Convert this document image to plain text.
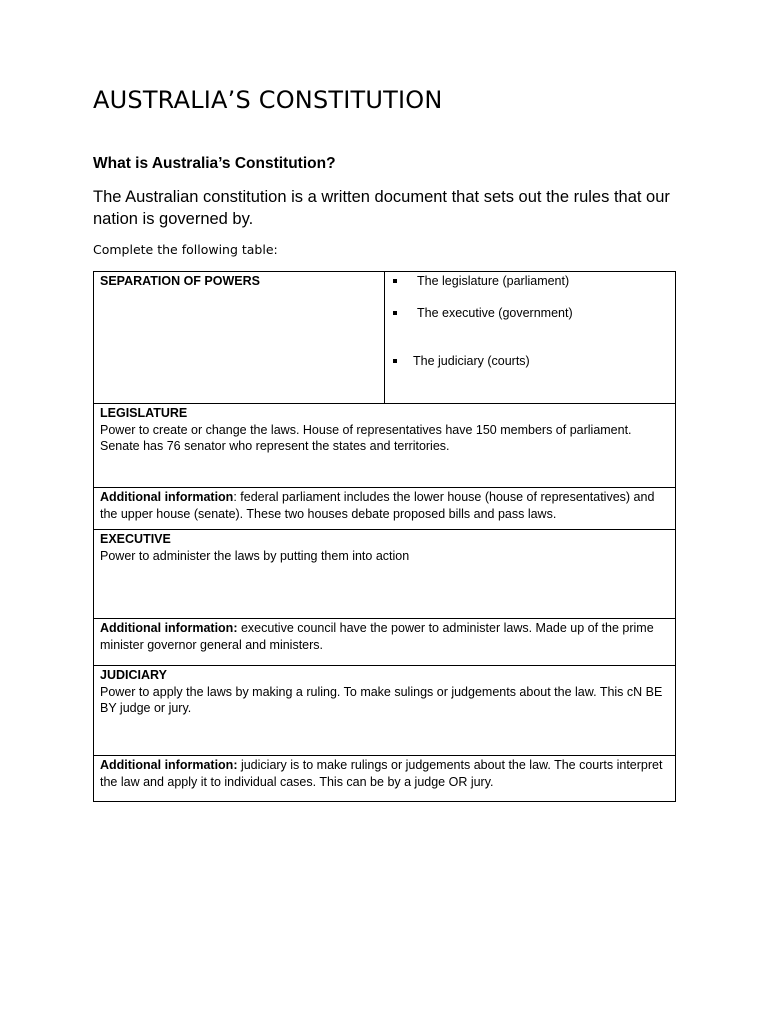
AUSTRALIA’S CONSTITUTION

What is Australia’s Constitution?

The Australian constitution is a written document that sets out the rules that our nation is governed by.

Complete the following table:

SEPARATION OF POWERS	The legislature (parliament)
The executive (government)
The judiciary (courts)

LEGISLATURE
Power to create or change the laws. House of representatives have 150 members of parliament. Senate has 76 senator who represent the states and territories.
Additional information: federal parliament includes the lower house (house of representatives) and the upper house (senate). These two houses debate proposed bills and pass laws.

EXECUTIVE
Power to administer the laws by putting them into action
Additional information: executive council have the power to administer laws. Made up of the prime minister governor general and ministers.

JUDICIARY
Power to apply the laws by making a ruling. To make sulings or judgements about the law. This cN BE BY judge or jury.
Additional information: judiciary is to make rulings or judgements about the law. The courts interpret the law and apply it to individual cases. This can be by a judge OR jury.
